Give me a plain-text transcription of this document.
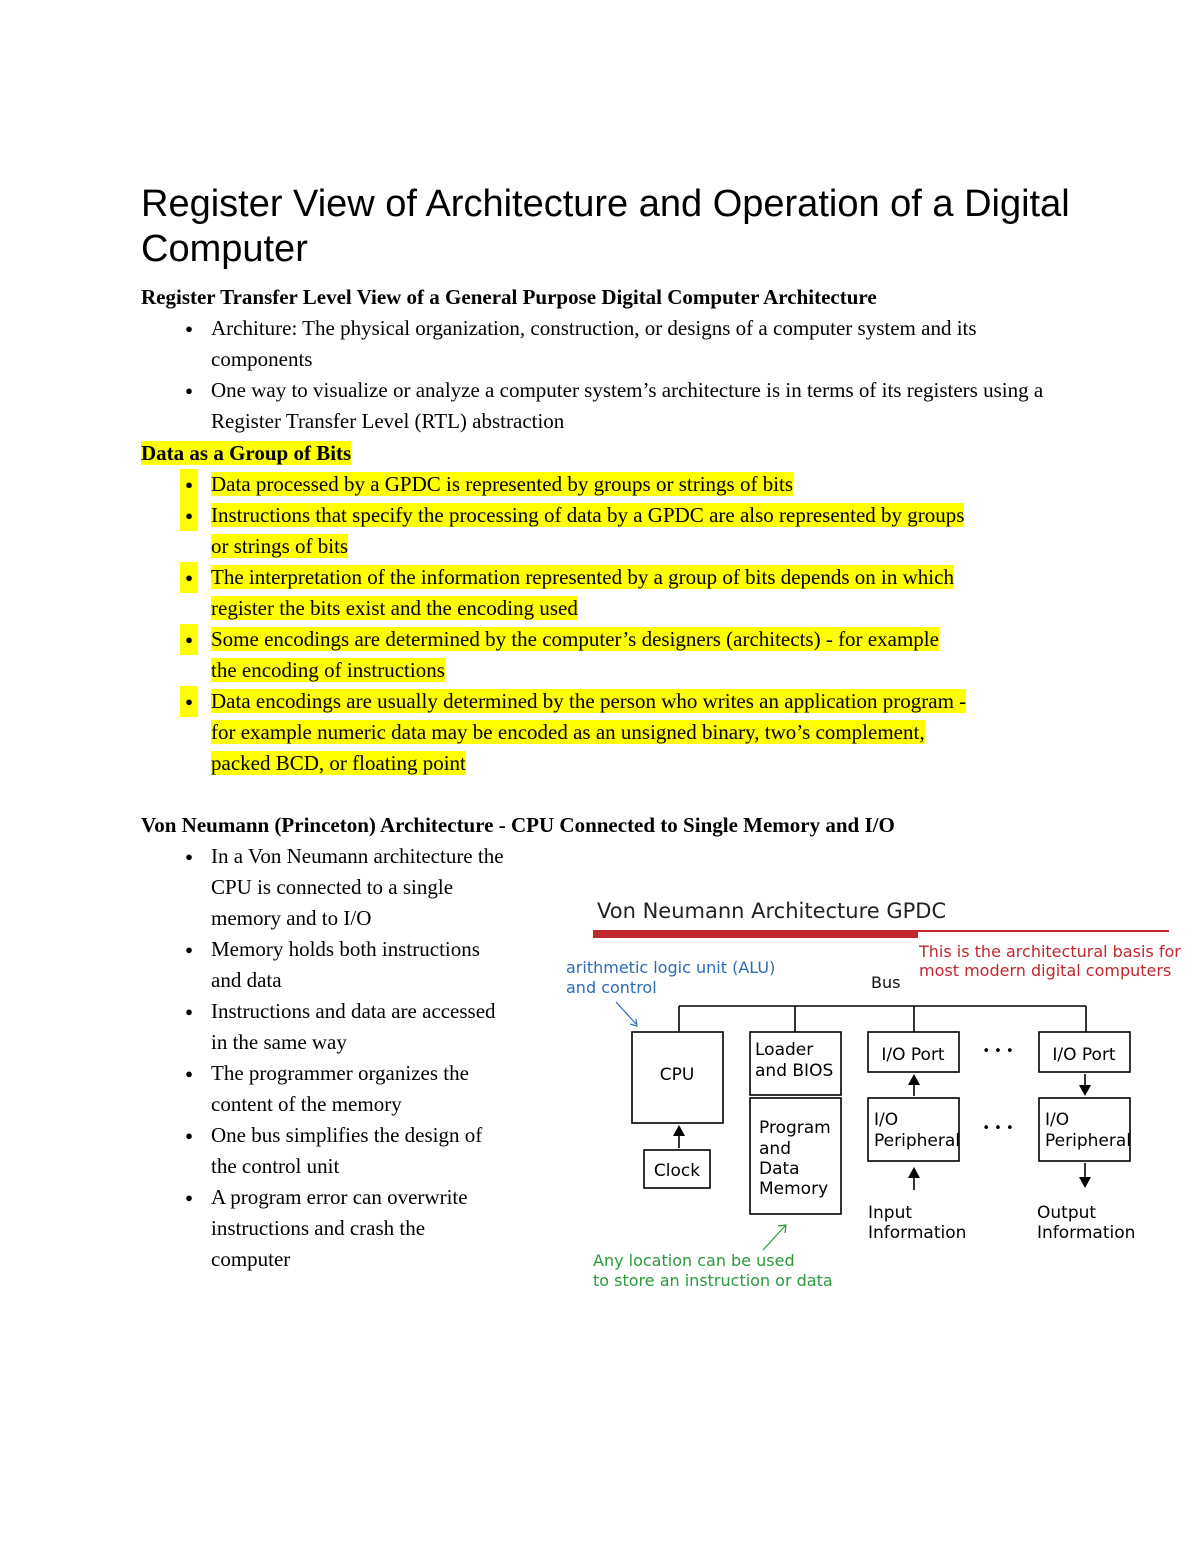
Register View of Architecture and Operation of a Digital Computer
Register Transfer Level View of a General Purpose Digital Computer Architecture
● Architure: The physical organization, construction, or designs of a computer system and its components
● One way to visualize or analyze a computer system’s architecture is in terms of its registers using a Register Transfer Level (RTL) abstraction
Data as a Group of Bits
● Data processed by a GPDC is represented by groups or strings of bits
● Instructions that specify the processing of data by a GPDC are also represented by groups
or strings of bits
● The interpretation of the information represented by a group of bits depends on in which
register the bits exist and the encoding used
● Some encodings are determined by the computer’s designers (architects) - for example
the encoding of instructions
● Data encodings are usually determined by the person who writes an application program -
for example numeric data may be encoded as an unsigned binary, two’s complement,
packed BCD, or floating point
Von Neumann (Princeton) Architecture - CPU Connected to Single Memory and I/O
● In a Von Neumann architecture the
CPU is connected to a single
memory and to I/O
● Memory holds both instructions
and data
● Instructions and data are accessed
in the same way
● The programmer organizes the
content of the memory
● One bus simplifies the design of
the control unit
● A program error can overwrite
instructions and crash the
computer
Von Neumann Architecture GPDC
This is the architectural basis for
most modern digital computers
arithmetic logic unit (ALU)
and control	Bus
CPU
Clock
Loader
and BIOS
Program
and
Data
Memory
I/O Port
I/O
Peripheral
Input
Information
• • •
• • •
I/O Port
I/O
Peripheral
Output
Information
Any location can be used
to store an instruction or data
